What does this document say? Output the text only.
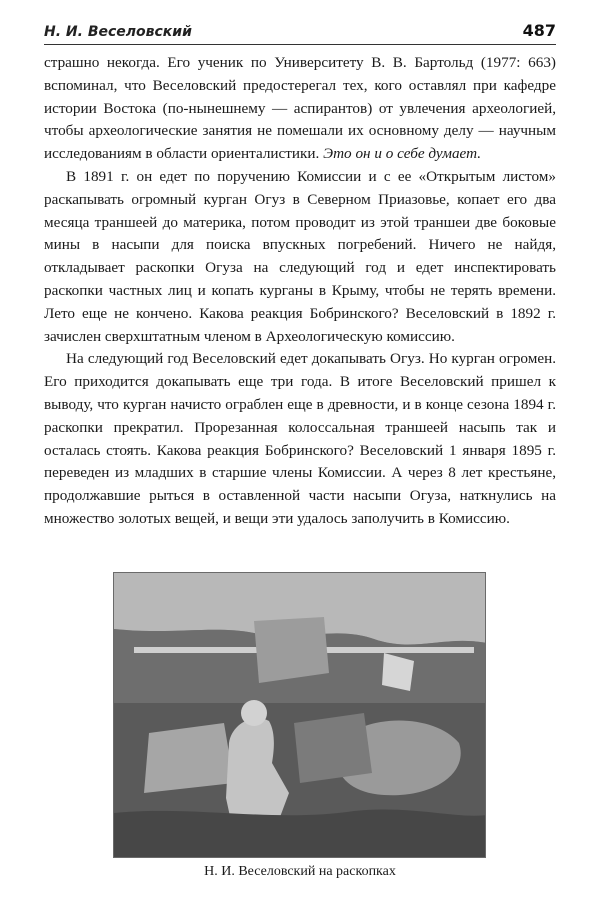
Н. И. Веселовский	487

страшно некогда. Его ученик по Университету В. В. Бартольд (1977: 663) вспоминал, что Веселовский предостерегал тех, кого оставлял при кафедре истории Востока (по-нынешнему — аспирантов) от увлечения археологией, чтобы археологические занятия не помешали их основному делу — научным исследованиям в области ориенталистики. Это он и о себе думает.

В 1891 г. он едет по поручению Комиссии и с ее «Открытым листом» раскапывать огромный курган Огуз в Северном Приазовье, копает его два месяца траншеей до материка, потом проводит из этой траншеи две боковые мины в насыпи для поиска впускных погребений. Ничего не найдя, откладывает раскопки Огуза на следующий год и едет инспектировать раскопки частных лиц и копать курганы в Крыму, чтобы не терять времени. Лето еще не кончено. Какова реакция Бобринского? Веселовский в 1892 г. зачислен сверхштатным членом в Археологическую комиссию.

На следующий год Веселовский едет докапывать Огуз. Но курган огромен. Его приходится докапывать еще три года. В итоге Веселовский пришел к выводу, что курган начисто ограблен еще в древности, и в конце сезона 1894 г. раскопки прекратил. Прорезанная колоссальная траншеей насыпь так и осталась стоять. Какова реакция Бобринского? Веселовский 1 января 1895 г. переведен из младших в старшие члены Комиссии. А через 8 лет крестьяне, продолжавшие рыться в оставленной части насыпи Огуза, наткнулись на множество золотых вещей, и вещи эти удалось заполучить в Комиссию.

Н. И. Веселовский на раскопках
